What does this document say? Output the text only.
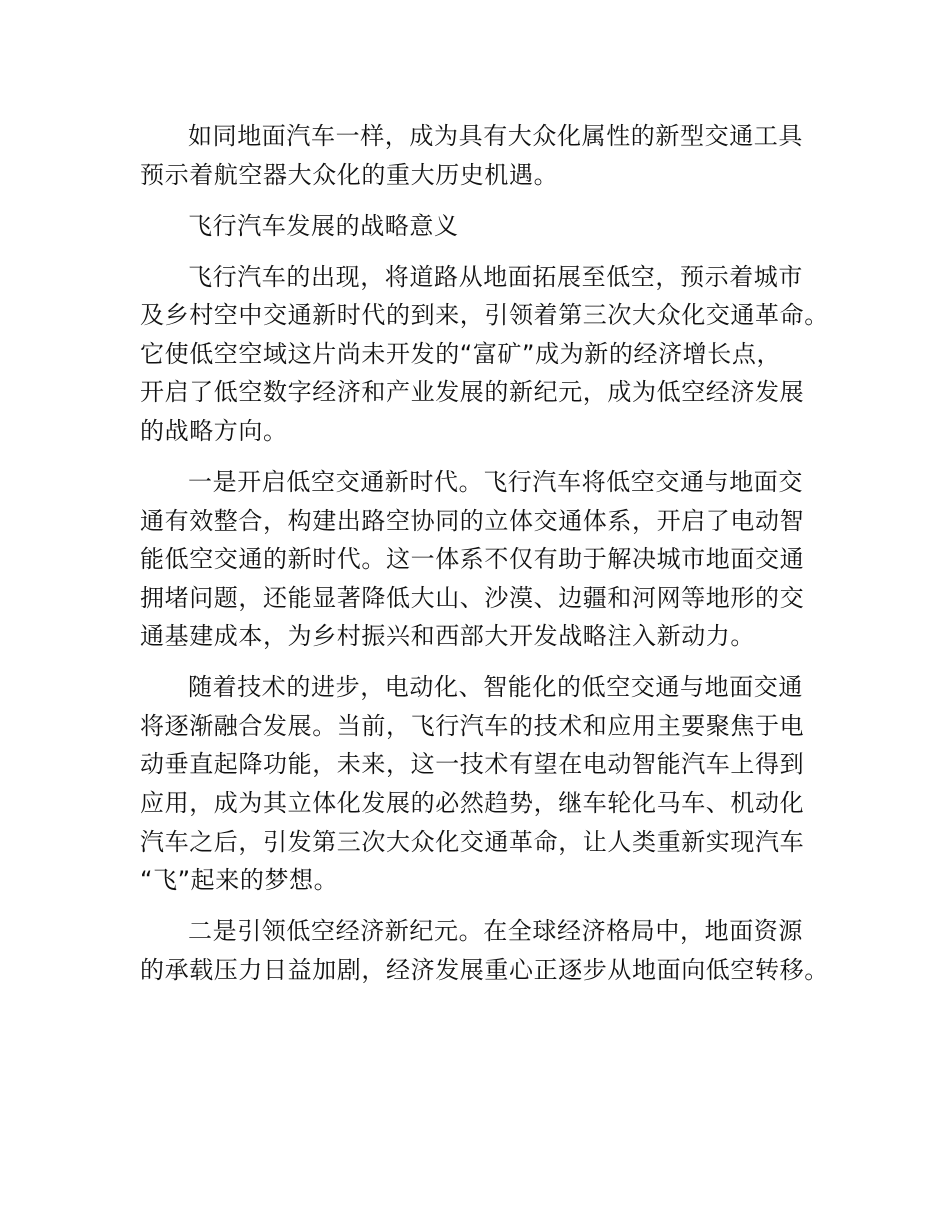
如同地面汽车一样，成为具有大众化属性的新型交通工具
预示着航空器大众化的重大历史机遇。
飞行汽车发展的战略意义
飞行汽车的出现，将道路从地面拓展至低空，预示着城市
及乡村空中交通新时代的到来，引领着第三次大众化交通革命。
它使低空空域这片尚未开发的“富矿”成为新的经济增长点，
开启了低空数字经济和产业发展的新纪元，成为低空经济发展
的战略方向。
一是开启低空交通新时代。飞行汽车将低空交通与地面交
通有效整合，构建出路空协同的立体交通体系，开启了电动智
能低空交通的新时代。这一体系不仅有助于解决城市地面交通
拥堵问题，还能显著降低大山、沙漠、边疆和河网等地形的交
通基建成本，为乡村振兴和西部大开发战略注入新动力。
随着技术的进步，电动化、智能化的低空交通与地面交通
将逐渐融合发展。当前，飞行汽车的技术和应用主要聚焦于电
动垂直起降功能，未来，这一技术有望在电动智能汽车上得到
应用，成为其立体化发展的必然趋势，继车轮化马车、机动化
汽车之后，引发第三次大众化交通革命，让人类重新实现汽车
“飞”起来的梦想。
二是引领低空经济新纪元。在全球经济格局中，地面资源
的承载压力日益加剧，经济发展重心正逐步从地面向低空转移。
